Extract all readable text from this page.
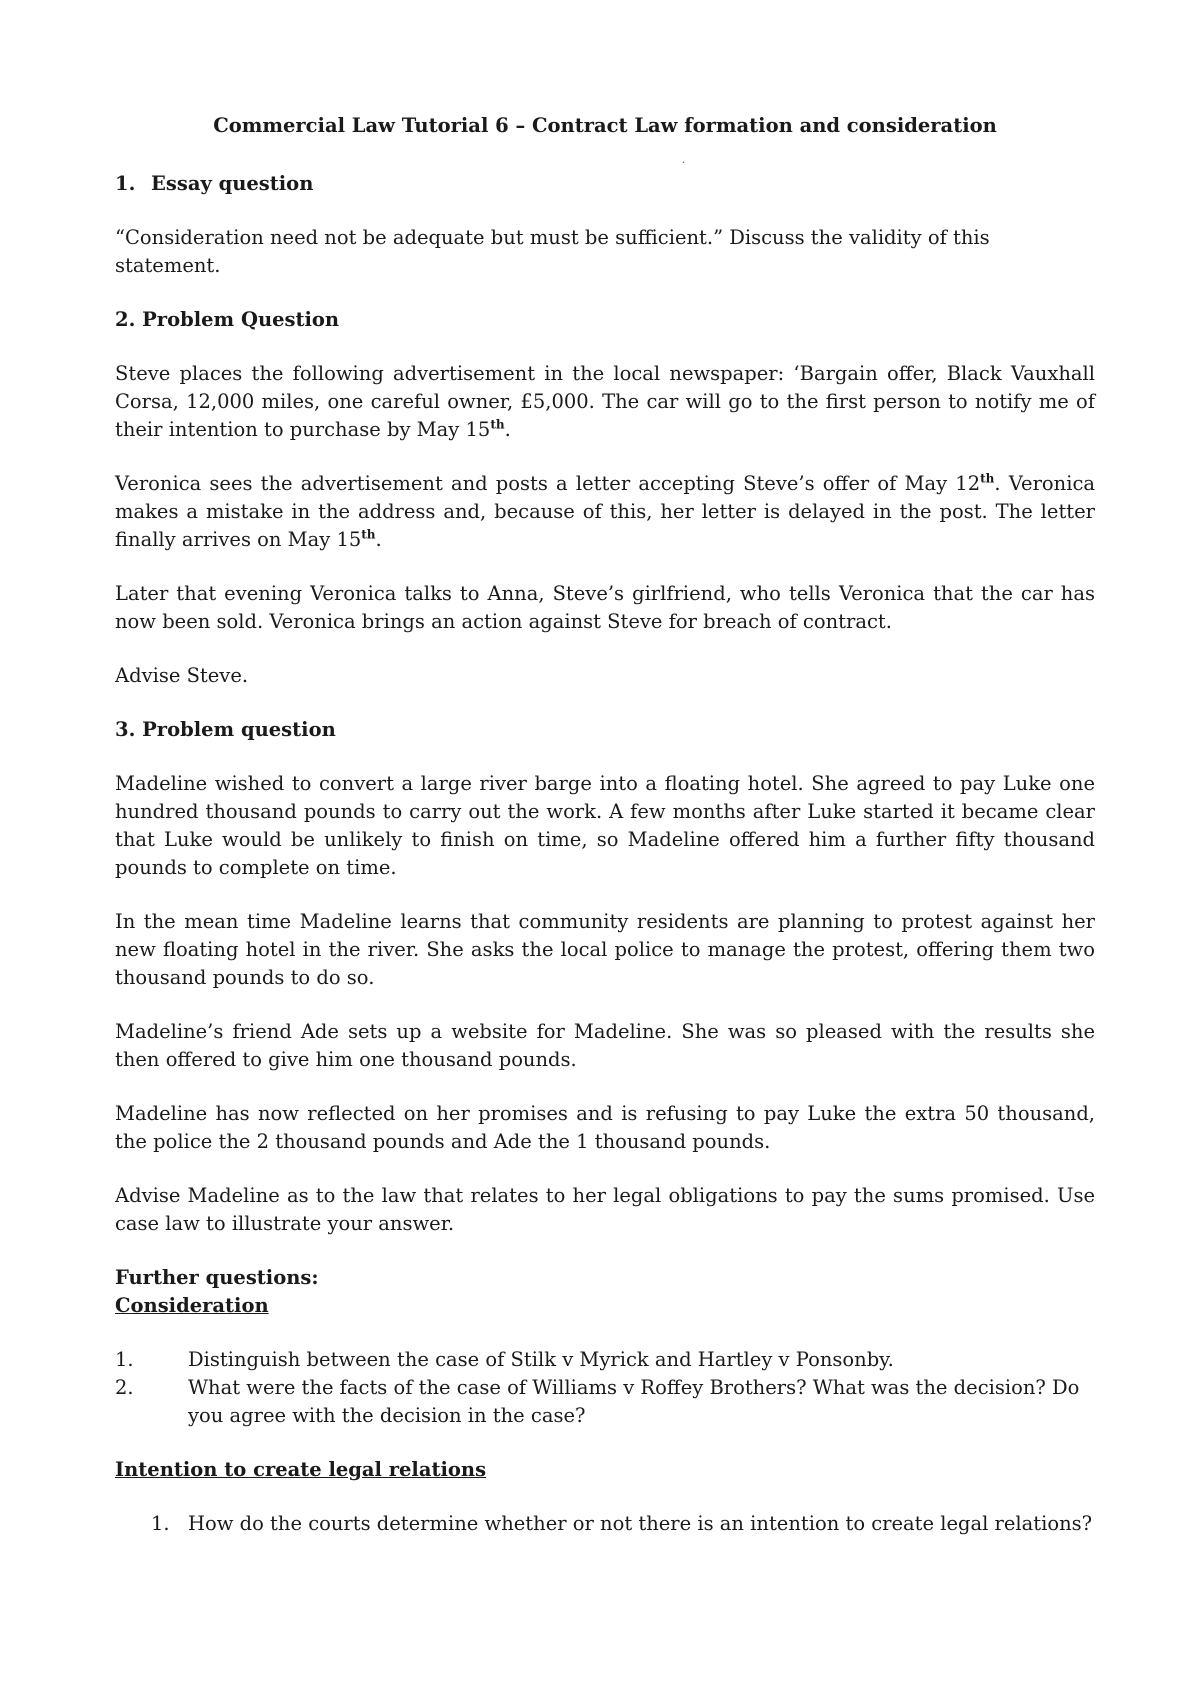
Commercial Law Tutorial 6 – Contract Law formation and consideration

.

1. Essay question

“Consideration need not be adequate but must be sufficient.” Discuss the validity of this statement.

2. Problem Question

Steve places the following advertisement in the local newspaper: ‘Bargain offer, Black Vauxhall Corsa, 12,000 miles, one careful owner, £5,000. The car will go to the first person to notify me of their intention to purchase by May 15th.

Veronica sees the advertisement and posts a letter accepting Steve’s offer of May 12th. Veronica makes a mistake in the address and, because of this, her letter is delayed in the post. The letter finally arrives on May 15th.

Later that evening Veronica talks to Anna, Steve’s girlfriend, who tells Veronica that the car has now been sold. Veronica brings an action against Steve for breach of contract.

Advise Steve.

3. Problem question

Madeline wished to convert a large river barge into a floating hotel. She agreed to pay Luke one hundred thousand pounds to carry out the work. A few months after Luke started it became clear that Luke would be unlikely to finish on time, so Madeline offered him a further fifty thousand pounds to complete on time.

In the mean time Madeline learns that community residents are planning to protest against her new floating hotel in the river. She asks the local police to manage the protest, offering them two thousand pounds to do so.

Madeline’s friend Ade sets up a website for Madeline. She was so pleased with the results she then offered to give him one thousand pounds.

Madeline has now reflected on her promises and is refusing to pay Luke the extra 50 thousand, the police the 2 thousand pounds and Ade the 1 thousand pounds.

Advise Madeline as to the law that relates to her legal obligations to pay the sums promised. Use case law to illustrate your answer.

Further questions:

Consideration

1.	Distinguish between the case of Stilk v Myrick and Hartley v Ponsonby.
2.	What were the facts of the case of Williams v Roffey Brothers? What was the decision? Do you agree with the decision in the case?

Intention to create legal relations

1. How do the courts determine whether or not there is an intention to create legal relations?
